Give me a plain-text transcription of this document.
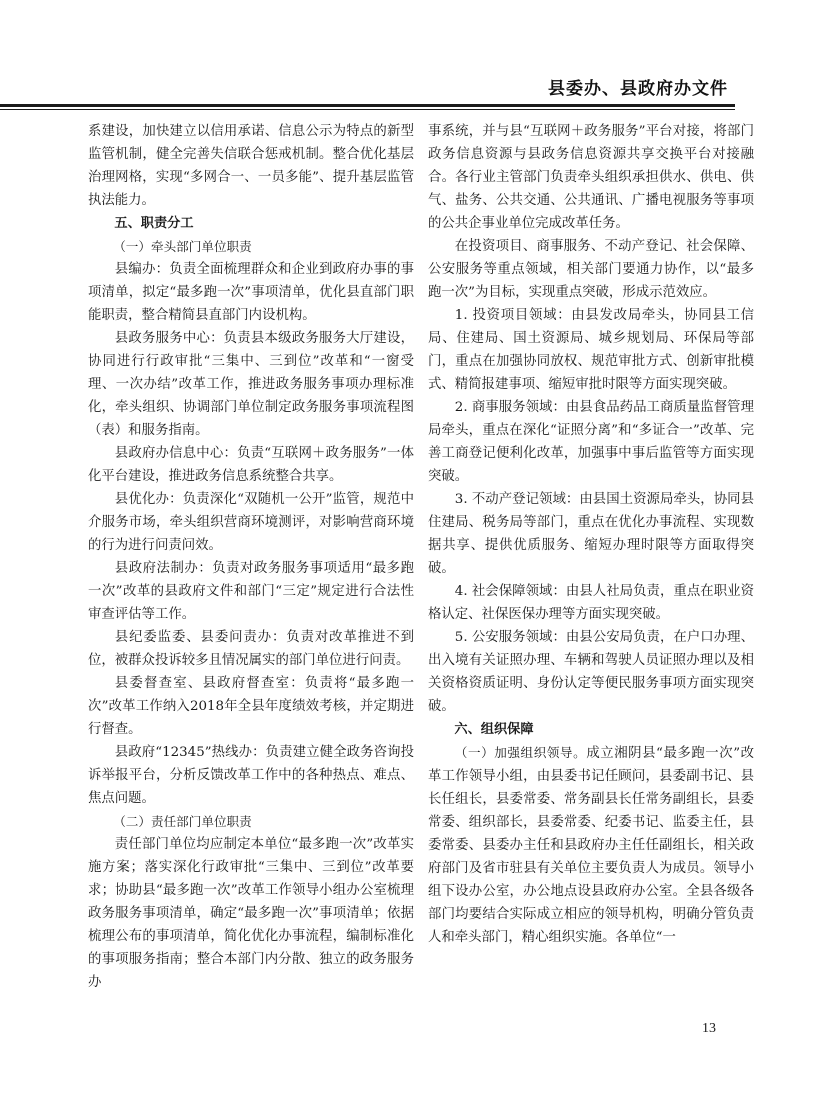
县委办、县政府办文件

系建设，加快建立以信用承诺、信息公示为特点的新型监管机制，健全完善失信联合惩戒机制。整合优化基层治理网格，实现“多网合一、一员多能”、提升基层监管执法能力。

五、职责分工

（一）牵头部门单位职责

县编办：负责全面梳理群众和企业到政府办事的事项清单，拟定“最多跑一次”事项清单，优化县直部门职能职责，整合精简县直部门内设机构。

县政务服务中心：负责县本级政务服务大厅建设，协同进行行政审批“三集中、三到位”改革和“一窗受理、一次办结”改革工作，推进政务服务事项办理标准化，牵头组织、协调部门单位制定政务服务事项流程图（表）和服务指南。

县政府办信息中心：负责“互联网＋政务服务”一体化平台建设，推进政务信息系统整合共享。

县优化办：负责深化“双随机一公开”监管，规范中介服务市场，牵头组织营商环境测评，对影响营商环境的行为进行问责问效。

县政府法制办：负责对政务服务事项适用“最多跑一次”改革的县政府文件和部门“三定”规定进行合法性审查评估等工作。

县纪委监委、县委问责办：负责对改革推进不到位，被群众投诉较多且情况属实的部门单位进行问责。

县委督查室、县政府督查室：负责将“最多跑一次”改革工作纳入2018年全县年度绩效考核，并定期进行督查。

县政府“12345”热线办：负责建立健全政务咨询投诉举报平台，分析反馈改革工作中的各种热点、难点、焦点问题。

（二）责任部门单位职责

责任部门单位均应制定本单位“最多跑一次”改革实施方案；落实深化行政审批“三集中、三到位”改革要求；协助县“最多跑一次”改革工作领导小组办公室梳理政务服务事项清单，确定“最多跑一次”事项清单；依据梳理公布的事项清单，简化优化办事流程，编制标准化的事项服务指南；整合本部门内分散、独立的政务服务办

事系统，并与县“互联网＋政务服务”平台对接，将部门政务信息资源与县政务信息资源共享交换平台对接融合。各行业主管部门负责牵头组织承担供水、供电、供气、盐务、公共交通、公共通讯、广播电视服务等事项的公共企事业单位完成改革任务。

在投资项目、商事服务、不动产登记、社会保障、公安服务等重点领域，相关部门要通力协作，以“最多跑一次”为目标，实现重点突破，形成示范效应。

1. 投资项目领域：由县发改局牵头，协同县工信局、住建局、国土资源局、城乡规划局、环保局等部门，重点在加强协同放权、规范审批方式、创新审批模式、精简报建事项、缩短审批时限等方面实现突破。

2. 商事服务领域：由县食品药品工商质量监督管理局牵头，重点在深化“证照分离”和“多证合一”改革、完善工商登记便利化改革，加强事中事后监管等方面实现突破。

3. 不动产登记领域：由县国土资源局牵头，协同县住建局、税务局等部门，重点在优化办事流程、实现数据共享、提供优质服务、缩短办理时限等方面取得突破。

4. 社会保障领域：由县人社局负责，重点在职业资格认定、社保医保办理等方面实现突破。

5. 公安服务领域：由县公安局负责，在户口办理、出入境有关证照办理、车辆和驾驶人员证照办理以及相关资格资质证明、身份认定等便民服务事项方面实现突破。

六、组织保障

（一）加强组织领导。成立湘阴县“最多跑一次”改革工作领导小组，由县委书记任顾问，县委副书记、县长任组长，县委常委、常务副县长任常务副组长，县委常委、组织部长，县委常委、纪委书记、监委主任，县委常委、县委办主任和县政府办主任任副组长，相关政府部门及省市驻县有关单位主要负责人为成员。领导小组下设办公室，办公地点设县政府办公室。全县各级各部门均要结合实际成立相应的领导机构，明确分管负责人和牵头部门，精心组织实施。各单位“一

13
